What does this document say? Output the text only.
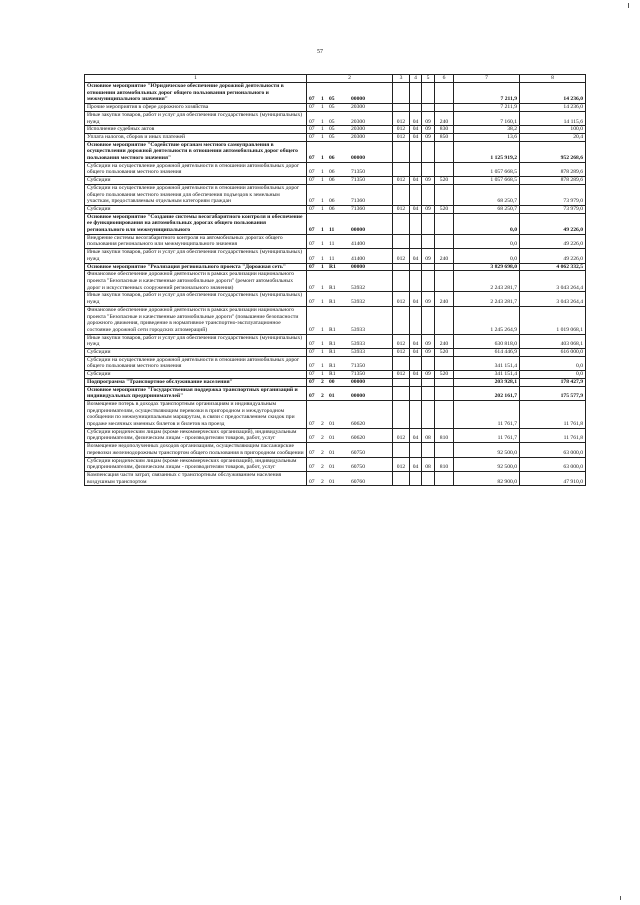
57
1	2	3	4	5	6	7	8
Основное мероприятие "Юридическое обеспечение дорожной деятельности в отношении автомобильных дорог общего пользования регионального и межмуниципального значения"	07 1 05 00000					7 211,9	14 236,0
Прочие мероприятия в сфере дорожного хозяйства	07 1 05 20300					7 211,9	14 236,0
Иные закупки товаров, работ и услуг для обеспечения государственных (муниципальных) нужд	07 1 05 20300	012	04	09	240	7 160,1	14 115,6
Исполнение судебных актов	07 1 05 20300	012	04	09	830	38,2	100,0
Уплата налогов, сборов и иных платежей	07 1 05 20300	012	04	09	850	13,6	20,4
Основное мероприятие "Содействие органам местного самоуправления в осуществлении дорожной деятельности в отношении автомобильных дорог общего пользования местного значения"	07 1 06 00000					1 125 919,2	952 268,6
Субсидии на осуществление дорожной деятельности в отношении автомобильных дорог общего пользования местного значения	07 1 06 71350					1 057 668,5	878 289,6
Субсидии	07 1 06 71350	012	04	09	520	1 057 668,5	878 289,6
Субсидии на осуществление дорожной деятельности в отношении автомобильных дорог общего пользования местного значения для обеспечения подъездов к земельным участкам, предоставляемым отдельным категориям граждан	07 1 06 71360					68 250,7	73 979,0
Субсидии	07 1 06 71360	012	04	09	520	68 250,7	73 979,0
Основное мероприятие "Создание системы весогабаритного контроля и обеспечение ее функционирования на автомобильных дорогах общего пользования регионального или межмуниципального	07 1 11 00000					0,0	49 226,0
Внедрение системы весогабаритного контроля на автомобильных дорогах общего пользования регионального или межмуниципального значения	07 1 11 41400					0,0	49 226,0
Иные закупки товаров, работ и услуг для обеспечения государственных (муниципальных) нужд	07 1 11 41400	012	04	09	240	0,0	49 226,0
Основное мероприятие "Реализация регионального проекта "Дорожная сеть"	07 1 R1 00000					3 829 698,0	4 062 332,5
Финансовое обеспечение дорожной деятельности в рамках реализации национального проекта "Безопасные и качественные автомобильные дороги" (ремонт автомобильных дорог и искусственных сооружений регионального значения)	07 1 R1 53932					2 243 281,7	3 043 264,4
Иные закупки товаров, работ и услуг для обеспечения государственных (муниципальных) нужд	07 1 R1 53932	012	04	09	240	2 243 281,7	3 043 264,4
Финансовое обеспечение дорожной деятельности в рамках реализации национального проекта "Безопасные и качественные автомобильные дороги" (повышение безопасности дорожного движения, приведение в нормативное транспортно-эксплуатационное состояние дорожной сети городских агломераций)	07 1 R1 53933					1 245 264,9	1 019 068,1
Иные закупки товаров, работ и услуг для обеспечения государственных (муниципальных) нужд	07 1 R1 53933	012	04	09	240	630 818,0	403 068,1
Субсидии	07 1 R1 53933	012	04	09	520	614 446,9	616 000,0
Субсидии на осуществление дорожной деятельности в отношении автомобильных дорог общего пользования местного значения	07 1 R1 71350					341 151,4	0,0
Субсидии	07 1 R1 71350	012	04	09	520	341 151,4	0,0
Подпрограмма "Транспортное обслуживание населения"	07 2 00 00000					203 928,1	178 427,9
Основное мероприятие "Государственная поддержка транспортных организаций и индивидуальных предпринимателей"	07 2 01 00000					202 161,7	175 577,9
Возмещение потерь в доходах транспортным организациям и индивидуальным предпринимателям, осуществляющим перевозки в пригородном и междугородном сообщении по межмуниципальным маршрутам, в связи с предоставлением скидок при продаже месячных именных билетов и билетов на проезд	07 2 01 60620					11 761,7	11 761,8
Субсидии юридическим лицам (кроме некоммерческих организаций), индивидуальным предпринимателям, физическим лицам - производителям товаров, работ, услуг	07 2 01 60620	012	04	08	810	11 761,7	11 761,8
Возмещение недополученных доходов организациям, осуществляющим пассажирские перевозки железнодорожным транспортом общего пользования в пригородном сообщении	07 2 01 60750					92 500,0	63 000,0
Субсидии юридическим лицам (кроме некоммерческих организаций), индивидуальным предпринимателям, физическим лицам - производителям товаров, работ, услуг	07 2 01 60750	012	04	08	810	92 500,0	63 000,0
Компенсация части затрат, связанных с транспортным обслуживанием населения воздушным транспортом	07 2 01 60760					82 900,0	47 910,0
